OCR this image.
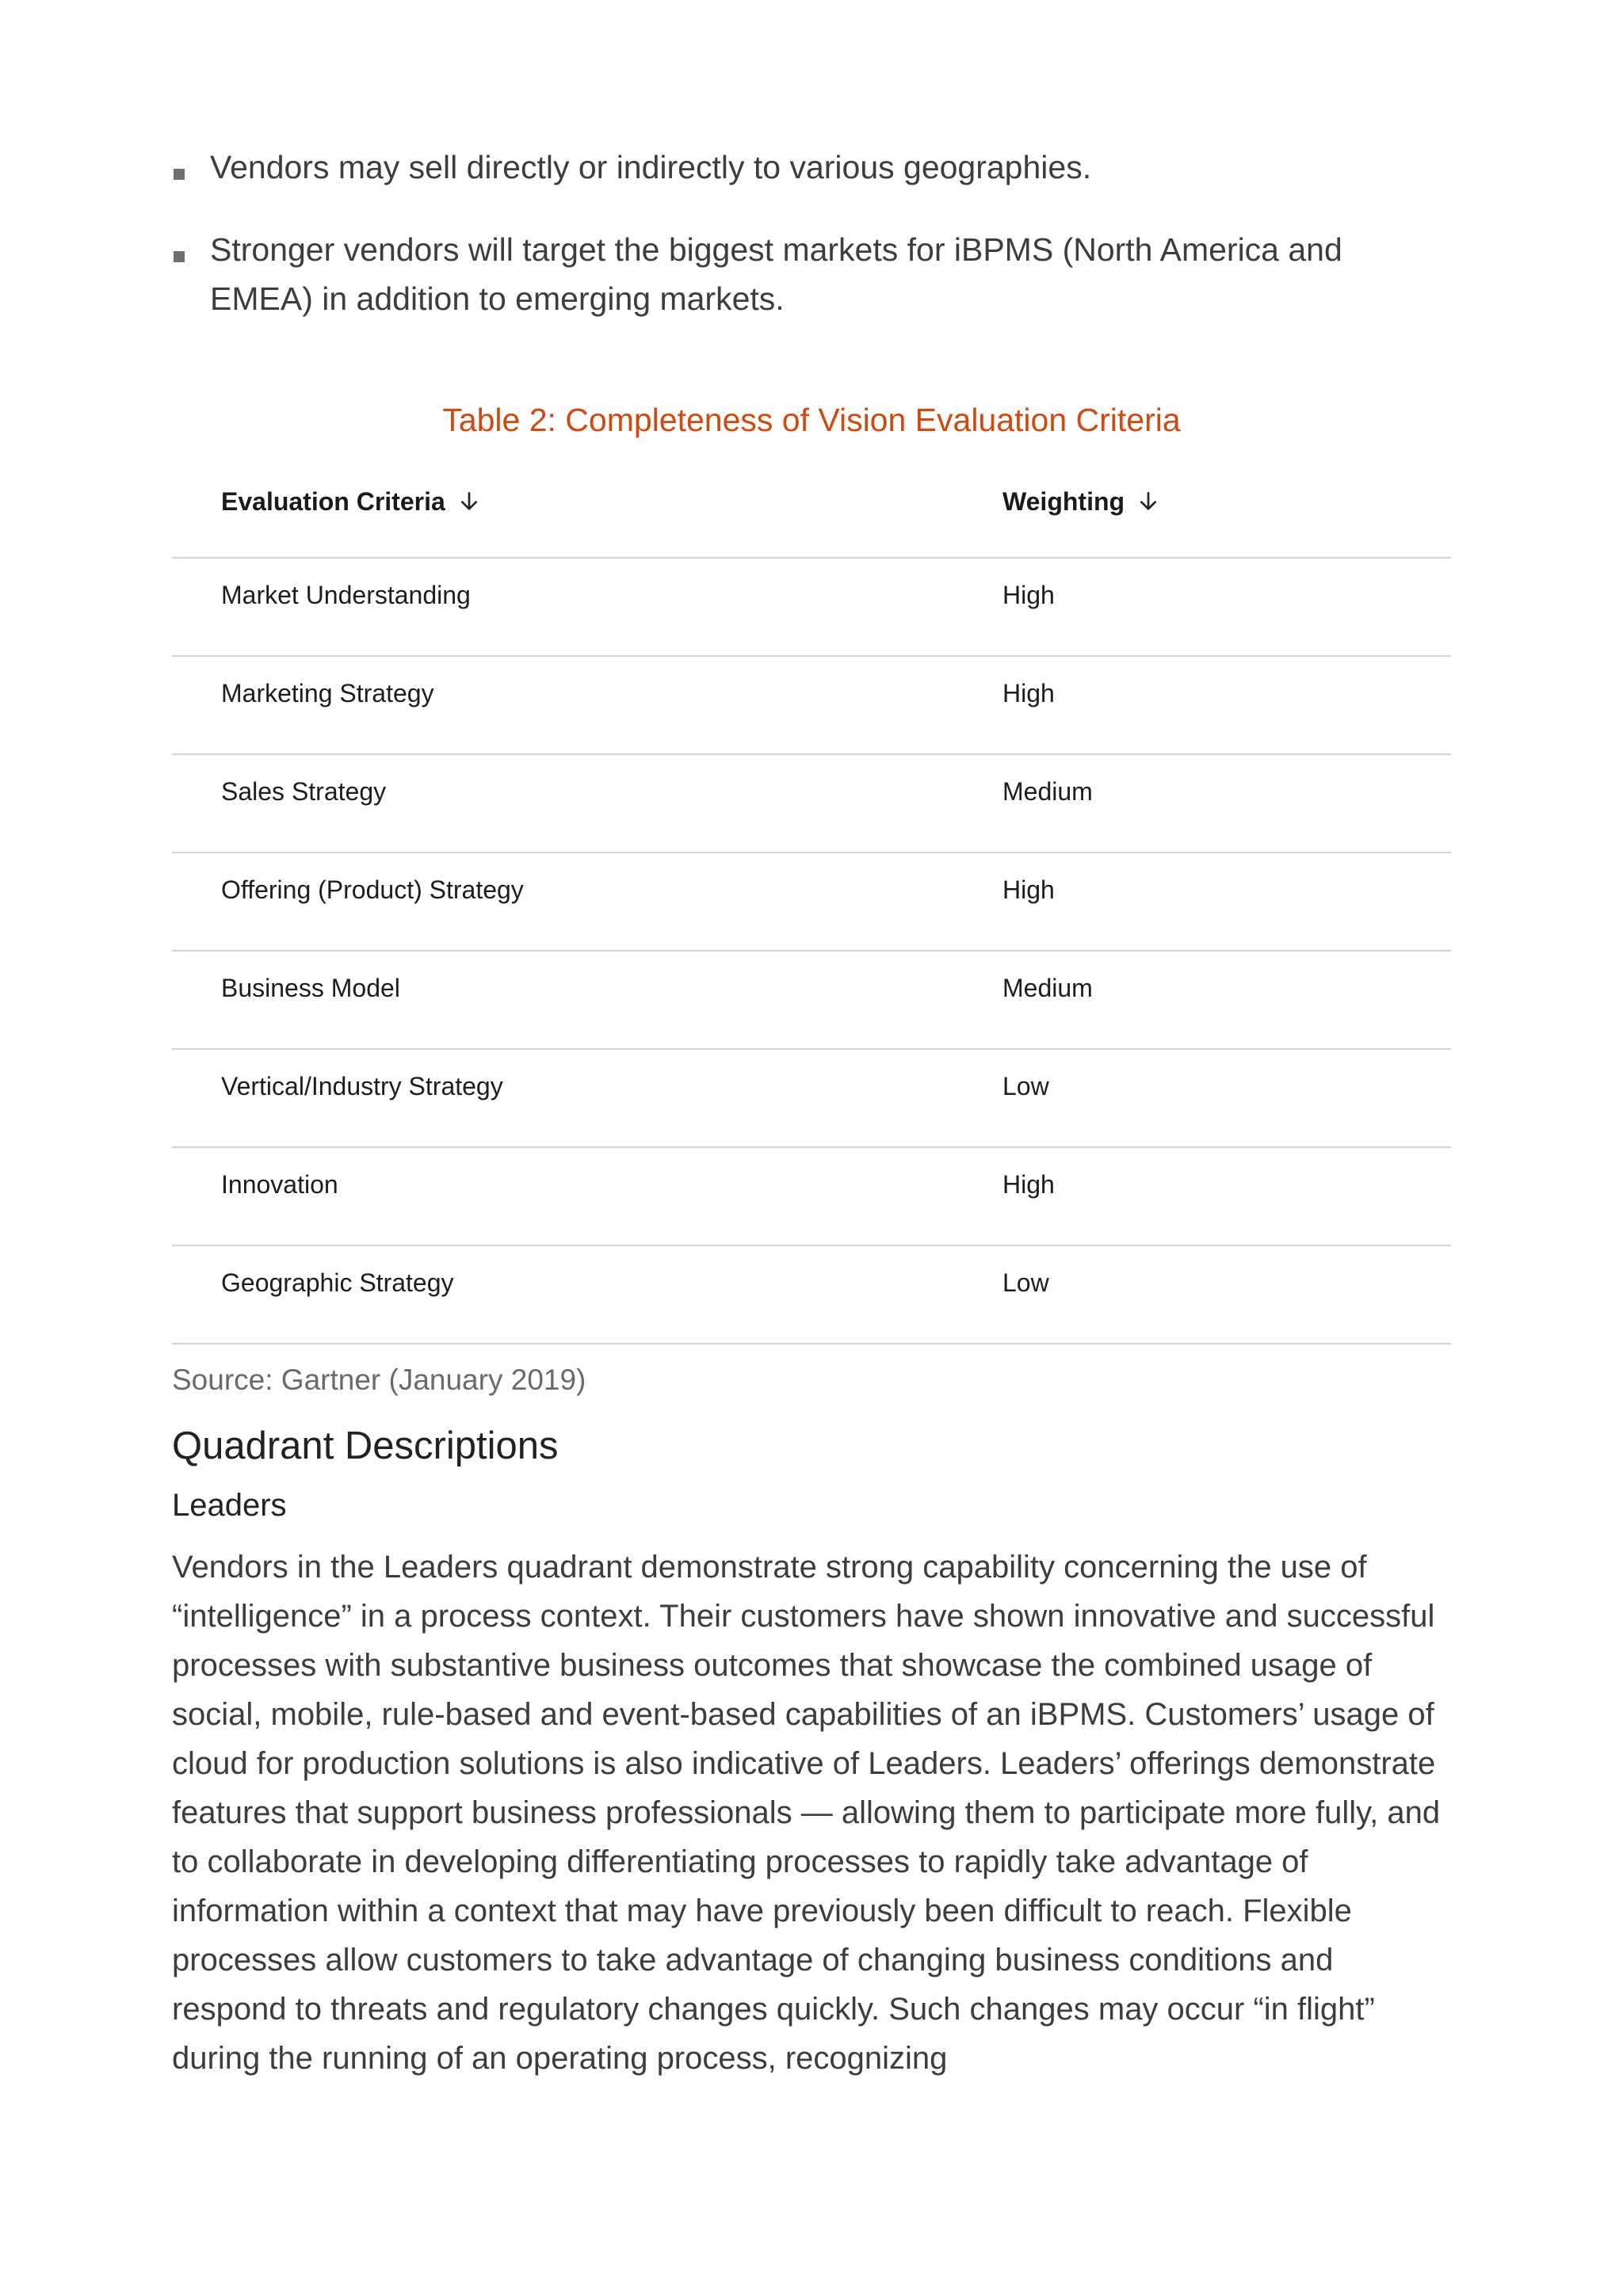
Vendors may sell directly or indirectly to various geographies.
Stronger vendors will target the biggest markets for iBPMS (North America and EMEA) in addition to emerging markets.
Table 2: Completeness of Vision Evaluation Criteria
Evaluation Criteria	Weighting

Market Understanding	High

Marketing Strategy	High

Sales Strategy	Medium

Offering (Product) Strategy	High

Business Model	Medium

Vertical/Industry Strategy	Low

Innovation	High

Geographic Strategy	Low
Source: Gartner (January 2019)
Quadrant Descriptions
Leaders
Vendors in the Leaders quadrant demonstrate strong capability concerning the use of “intelligence” in a process context. Their customers have shown innovative and successful processes with substantive business outcomes that showcase the combined usage of social, mobile, rule-based and event-based capabilities of an iBPMS. Customers’ usage of cloud for production solutions is also indicative of Leaders. Leaders’ offerings demonstrate features that support business professionals — allowing them to participate more fully, and to collaborate in developing differentiating processes to rapidly take advantage of information within a context that may have previously been difficult to reach. Flexible processes allow customers to take advantage of changing business conditions and respond to threats and regulatory changes quickly. Such changes may occur “in flight” during the running of an operating process, recognizing
